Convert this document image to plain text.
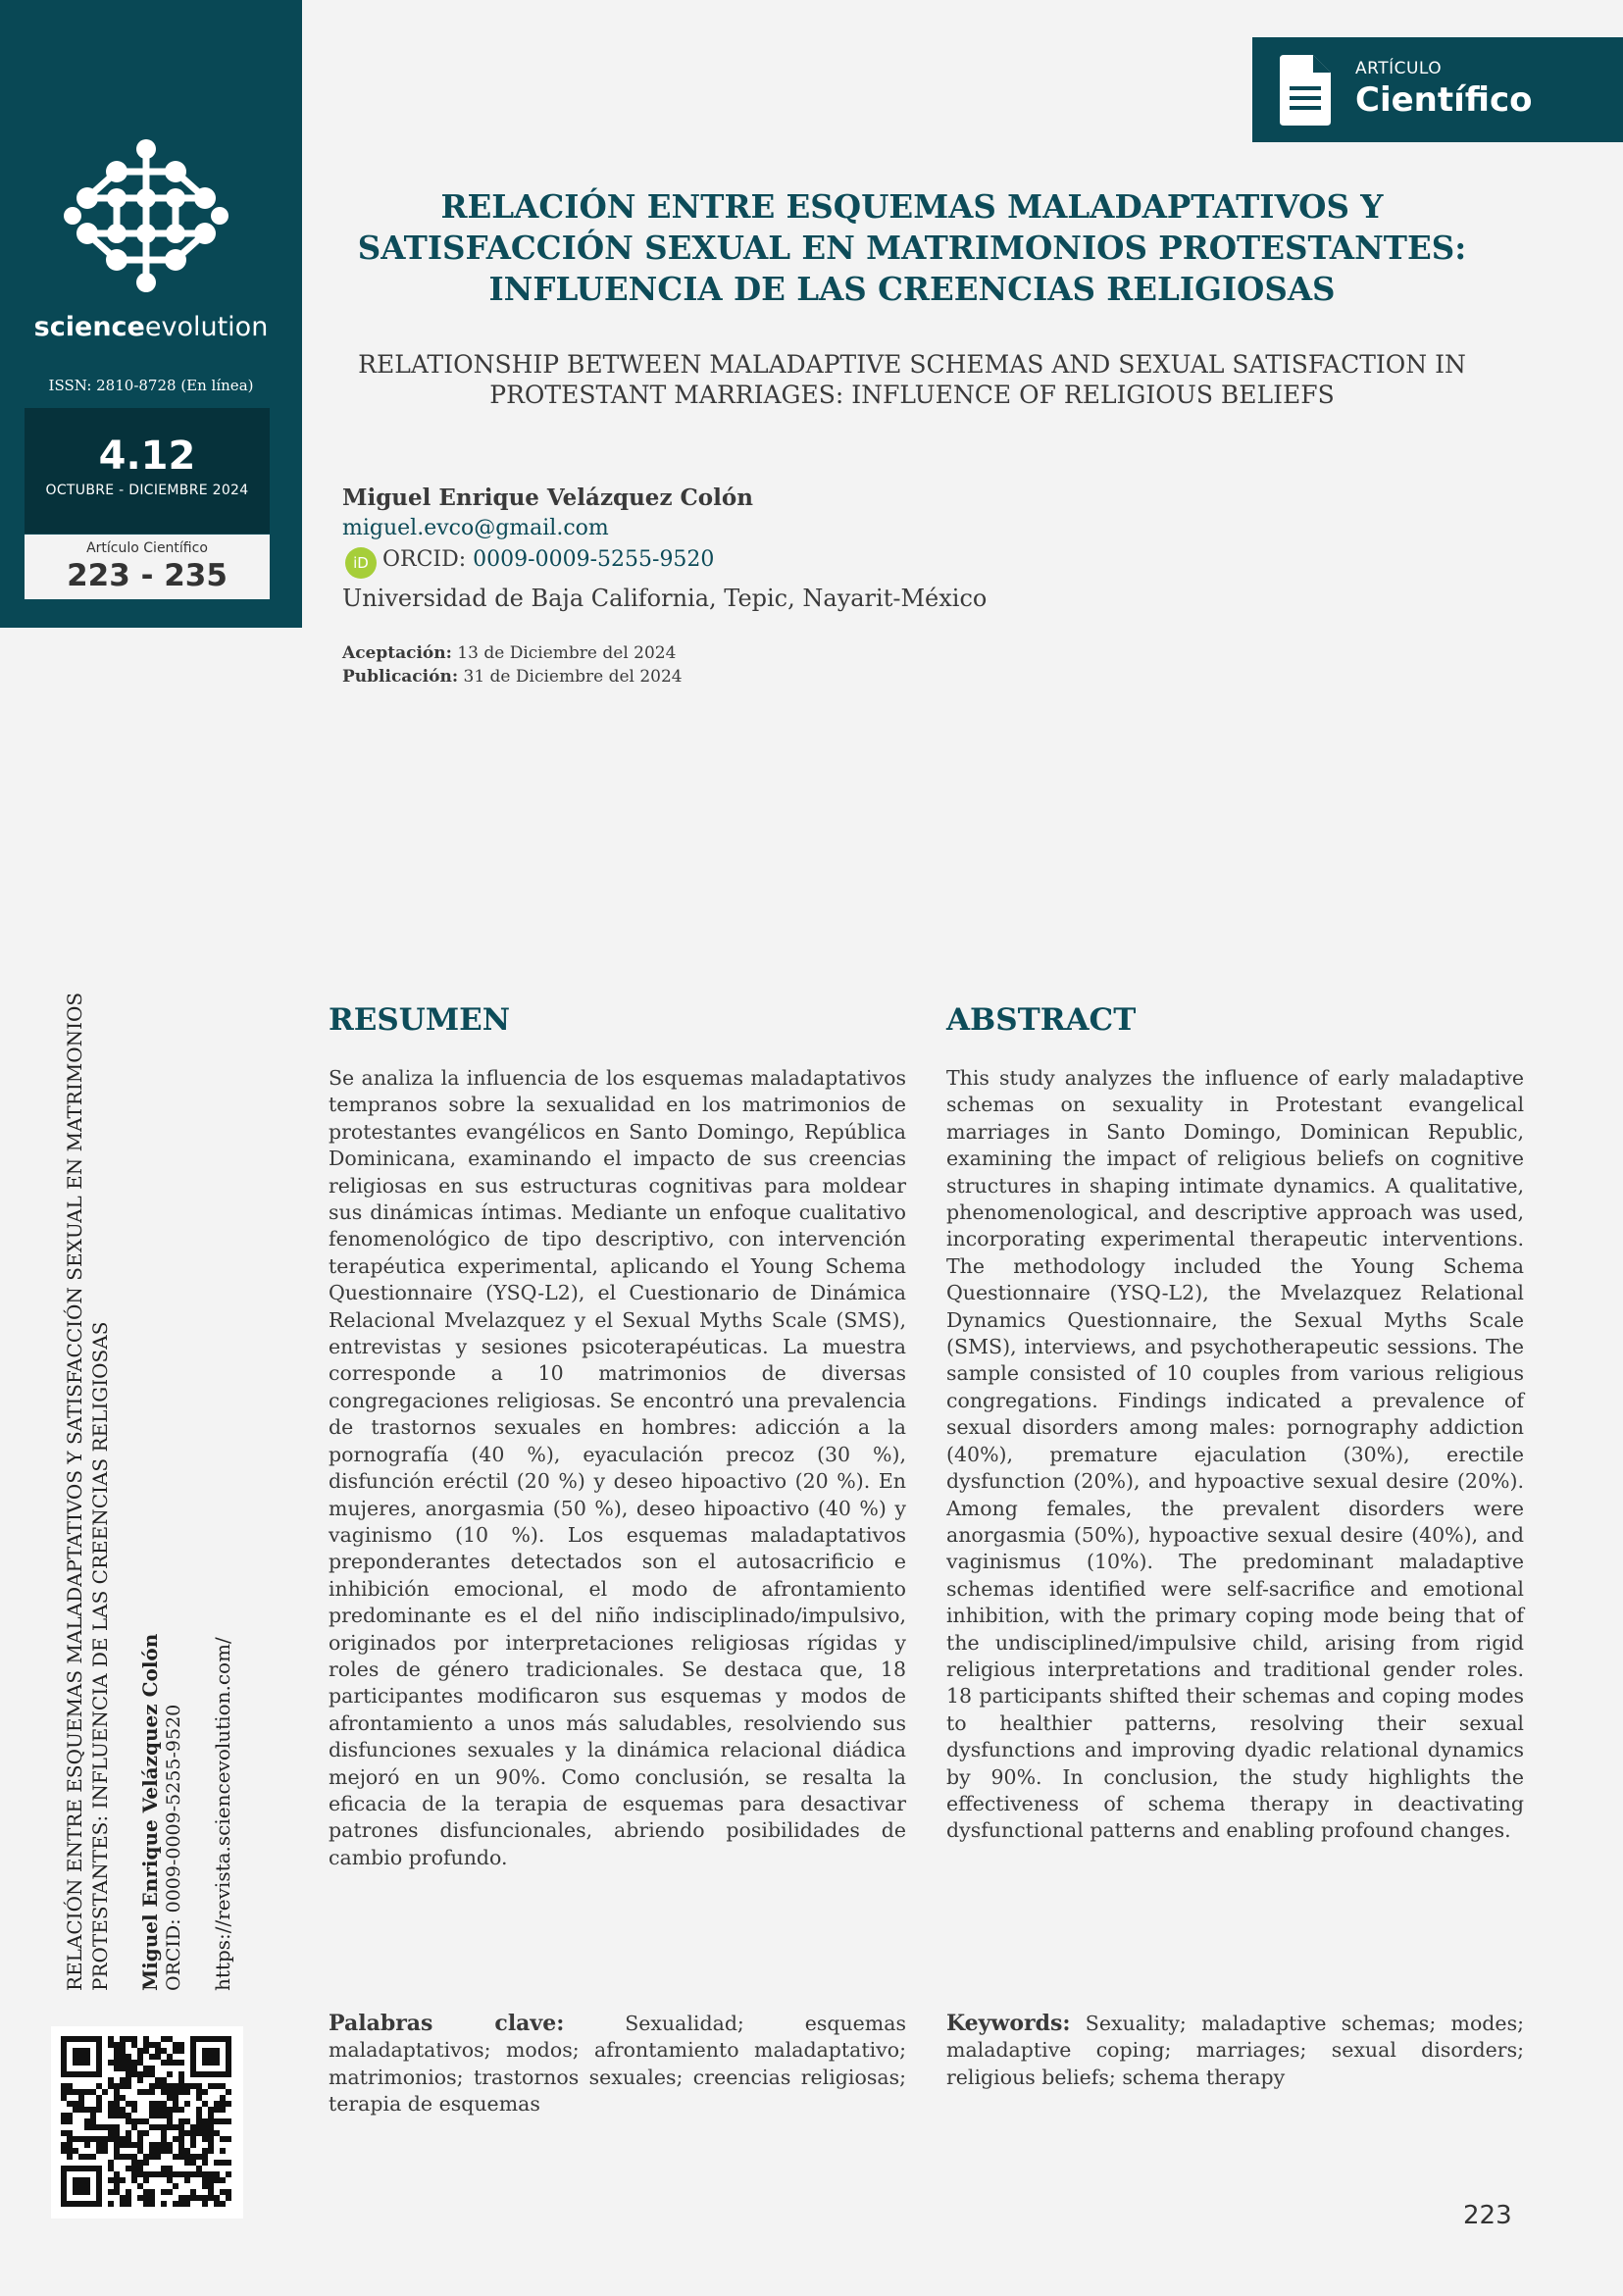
scienceevolution
ISSN: 2810-8728 (En línea)
4.12
OCTUBRE - DICIEMBRE 2024
Artículo Científico
223 - 235
ARTÍCULO
Científico
RELACIÓN ENTRE ESQUEMAS MALADAPTATIVOS Y SATISFACCIÓN SEXUAL EN MATRIMONIOS PROTESTANTES: INFLUENCIA DE LAS CREENCIAS RELIGIOSAS
RELATIONSHIP BETWEEN MALADAPTIVE SCHEMAS AND SEXUAL SATISFACTION IN PROTESTANT MARRIAGES: INFLUENCE OF RELIGIOUS BELIEFS
Miguel Enrique Velázquez Colón
miguel.evco@gmail.com
iD ORCID: 0009-0009-5255-9520
Universidad de Baja California, Tepic, Nayarit-México
Aceptación: 13 de Diciembre del 2024
Publicación: 31 de Diciembre del 2024
RESUMEN	ABSTRACT
Se analiza la influencia de los esquemas maladaptativos tempranos sobre la sexualidad en los matrimonios de protestantes evangélicos en Santo Domingo, República Dominicana, examinando el impacto de sus creencias religiosas en sus estructuras cognitivas para moldear sus dinámicas íntimas. Mediante un enfoque cualitativo fenomenológico de tipo descriptivo, con intervención terapéutica experimental, aplicando el Young Schema Questionnaire (YSQ-L2), el Cuestionario de Dinámica Relacional Mvelazquez y el Sexual Myths Scale (SMS), entrevistas y sesiones psicoterapéuticas. La muestra corresponde a 10 matrimonios de diversas congregaciones religiosas. Se encontró una prevalencia de trastornos sexuales en hombres: adicción a la pornografía (40 %), eyaculación precoz (30 %), disfunción eréctil (20 %) y deseo hipoactivo (20 %). En mujeres, anorgasmia (50 %), deseo hipoactivo (40 %) y vaginismo (10 %). Los esquemas maladaptativos preponderantes detectados son el autosacrificio e inhibición emocional, el modo de afrontamiento predominante es el del niño indisciplinado/impulsivo, originados por interpretaciones religiosas rígidas y roles de género tradicionales. Se destaca que, 18 participantes modificaron sus esquemas y modos de afrontamiento a unos más saludables, resolviendo sus disfunciones sexuales y la dinámica relacional diádica mejoró en un 90%. Como conclusión, se resalta la eficacia de la terapia de esquemas para desactivar patrones disfuncionales, abriendo posibilidades de cambio profundo.
This study analyzes the influence of early maladaptive schemas on sexuality in Protestant evangelical marriages in Santo Domingo, Dominican Republic, examining the impact of religious beliefs on cognitive structures in shaping intimate dynamics. A qualitative, phenomenological, and descriptive approach was used, incorporating experimental therapeutic interventions. The methodology included the Young Schema Questionnaire (YSQ-L2), the Mvelazquez Relational Dynamics Questionnaire, the Sexual Myths Scale (SMS), interviews, and psychotherapeutic sessions. The sample consisted of 10 couples from various religious congregations. Findings indicated a prevalence of sexual disorders among males: pornography addiction (40%), premature ejaculation (30%), erectile dysfunction (20%), and hypoactive sexual desire (20%). Among females, the prevalent disorders were anorgasmia (50%), hypoactive sexual desire (40%), and vaginismus (10%). The predominant maladaptive schemas identified were self-sacrifice and emotional inhibition, with the primary coping mode being that of the undisciplined/impulsive child, arising from rigid religious interpretations and traditional gender roles. 18 participants shifted their schemas and coping modes to healthier patterns, resolving their sexual dysfunctions and improving dyadic relational dynamics by 90%. In conclusion, the study highlights the effectiveness of schema therapy in deactivating dysfunctional patterns and enabling profound changes.
Palabras clave: Sexualidad; esquemas maladaptativos; modos; afrontamiento maladaptativo; matrimonios; trastornos sexuales; creencias religiosas; terapia de esquemas
Keywords: Sexuality; maladaptive schemas; modes; maladaptive coping; marriages; sexual disorders; religious beliefs; schema therapy
RELACIÓN ENTRE ESQUEMAS MALADAPTATIVOS Y SATISFACCIÓN SEXUAL EN MATRIMONIOS PROTESTANTES: INFLUENCIA DE LAS CREENCIAS RELIGIOSAS Miguel Enrique Velázquez Colón ORCID: 0009-0009-5255-9520 https://revista.sciencevolution.com/
223
